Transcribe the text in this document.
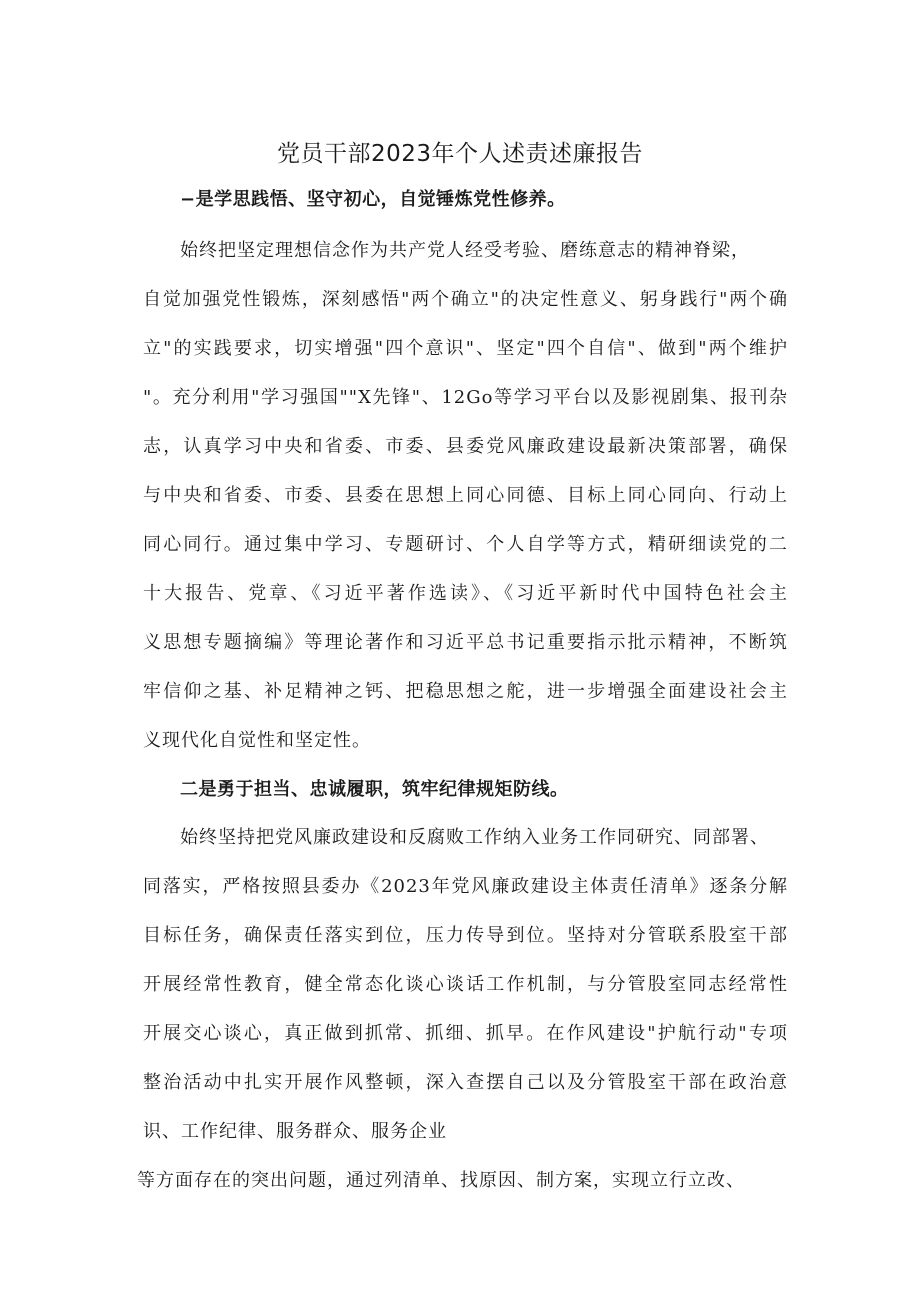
党员干部2023年个人述责述廉报告
−是学思践悟、坚守初心，自觉锤炼党性修养。
始终把坚定理想信念作为共产党人经受考验、磨练意志的精神脊梁，
自觉加强党性锻炼，深刻感悟"两个确立"的决定性意义、躬身践行"两个确
立"的实践要求，切实增强"四个意识"、坚定"四个自信"、做到"两个维护
"。充分利用"学习强国""X先锋"、12Go等学习平台以及影视剧集、报刊杂
志，认真学习中央和省委、市委、县委党风廉政建设最新决策部署，确保
与中央和省委、市委、县委在思想上同心同德、目标上同心同向、行动上
同心同行。通过集中学习、专题研讨、个人自学等方式，精研细读党的二
十大报告、党章、《习近平著作选读》、《习近平新时代中国特色社会主
义思想专题摘编》等理论著作和习近平总书记重要指示批示精神，不断筑
牢信仰之基、补足精神之钙、把稳思想之舵，进一步增强全面建设社会主
义现代化自觉性和坚定性。
二是勇于担当、忠诚履职，筑牢纪律规矩防线。
始终坚持把党风廉政建设和反腐败工作纳入业务工作同研究、同部署、
同落实，严格按照县委办《2023年党风廉政建设主体责任清单》逐条分解
目标任务，确保责任落实到位，压力传导到位。坚持对分管联系股室干部
开展经常性教育，健全常态化谈心谈话工作机制，与分管股室同志经常性
开展交心谈心，真正做到抓常、抓细、抓早。在作风建设"护航行动"专项
整治活动中扎实开展作风整顿，深入查摆自己以及分管股室干部在政治意
识、工作纪律、服务群众、服务企业
等方面存在的突出问题，通过列清单、找原因、制方案，实现立行立改、
